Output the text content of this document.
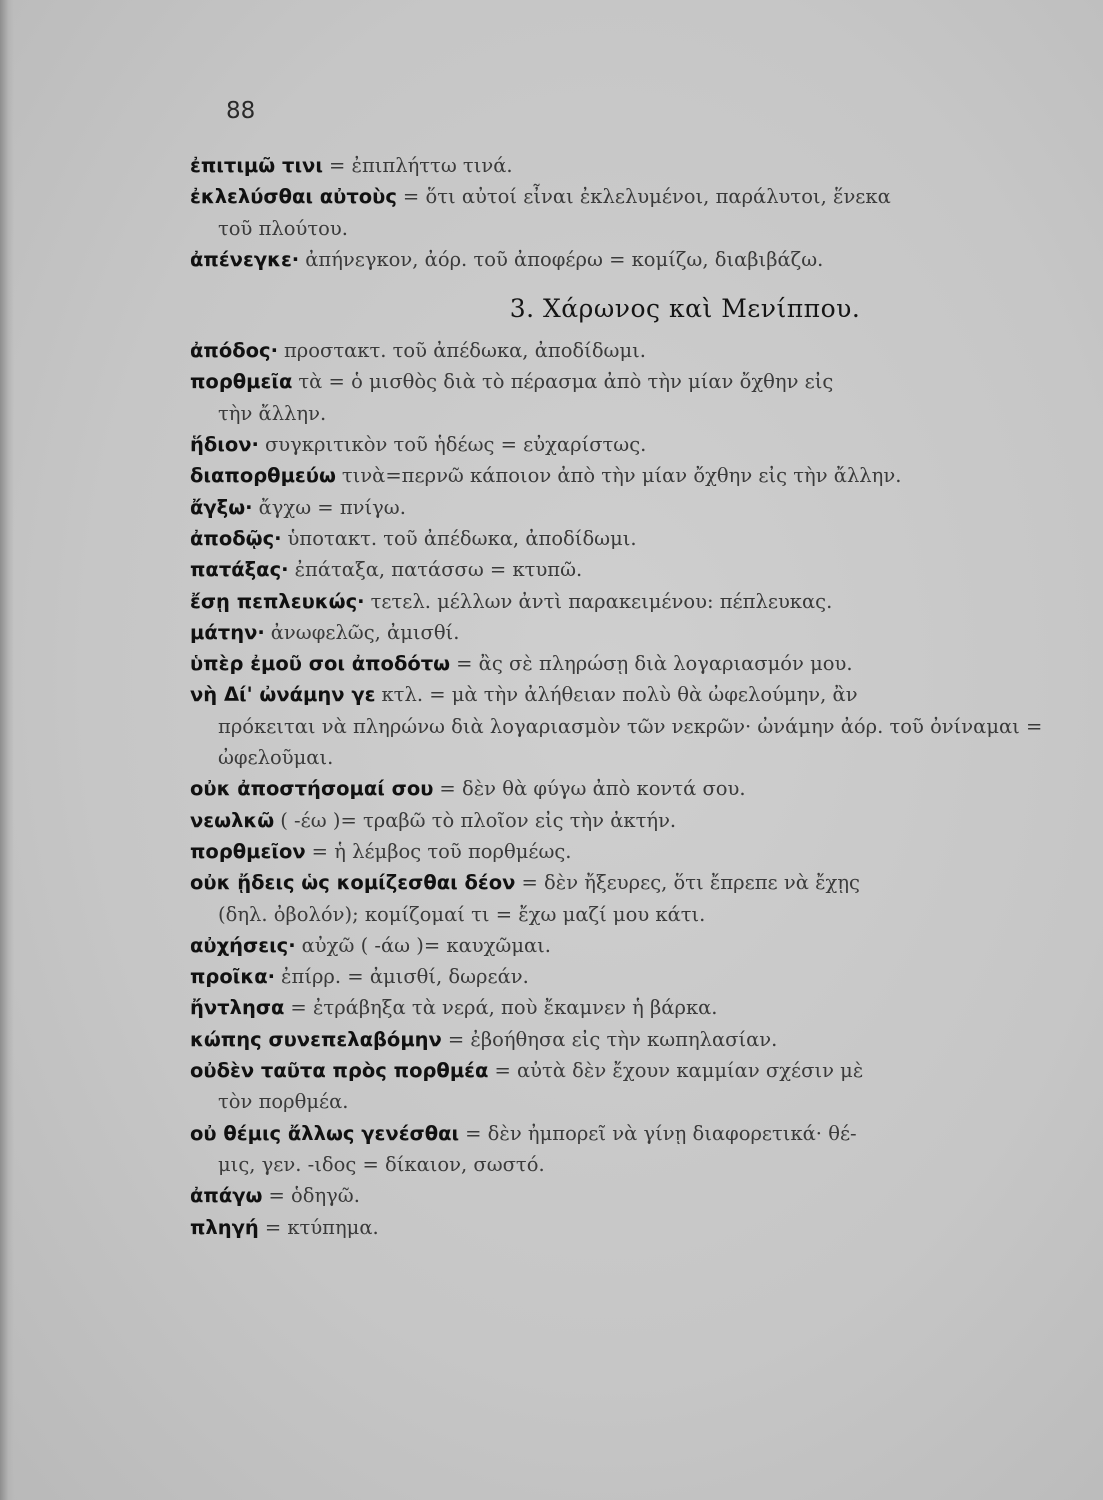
88
ἐπιτιμῶ τινι = ἐπιπλήττω τινά.
ἐκλελύσθαι αὐτοὺς = ὅτι αὐτοί εἶναι ἐκλελυμένοι, παράλυτοι, ἕνεκα
τοῦ πλούτου.
ἀπένεγκε· ἀπήνεγκον, ἀόρ. τοῦ ἀποφέρω = κομίζω, διαβιβάζω.
3. Χάρωνος καὶ Μενίππου.
ἀπόδος· προστακτ. τοῦ ἀπέδωκα, ἀποδίδωμι.
πορθμεῖα τὰ = ὁ μισθὸς διὰ τὸ πέρασμα ἀπὸ τὴν μίαν ὄχθην εἰς
τὴν ἄλλην.
ἥδιον· συγκριτικὸν τοῦ ἡδέως = εὐχαρίστως.
διαπορθμεύω τινὰ=περνῶ κάποιον ἀπὸ τὴν μίαν ὄχθην εἰς τὴν ἄλλην.
ἄγξω· ἄγχω = πνίγω.
ἀποδῷς· ὑποτακτ. τοῦ ἀπέδωκα, ἀποδίδωμι.
πατάξας· ἐπάταξα, πατάσσω = κτυπῶ.
ἔσῃ πεπλευκώς· τετελ. μέλλων ἀντὶ παρακειμένου: πέπλευκας.
μάτην· ἀνωφελῶς, ἀμισθί.
ὑπὲρ ἐμοῦ σοι ἀποδότω = ἂς σὲ πληρώσῃ διὰ λογαριασμόν μου.
νὴ Δί' ὠνάμην γε κτλ. = μὰ τὴν ἀλήθειαν πολὺ θὰ ὠφελούμην, ἂν
πρόκειται νὰ πληρώνω διὰ λογαριασμὸν τῶν νεκρῶν· ὠνάμην ἀόρ. τοῦ ὀνίναμαι = ὠφελοῦμαι.
οὐκ ἀποστήσομαί σου = δὲν θὰ φύγω ἀπὸ κοντά σου.
νεωλκῶ ( -έω )= τραβῶ τὸ πλοῖον εἰς τὴν ἀκτήν.
πορθμεῖον = ἡ λέμβος τοῦ πορθμέως.
οὐκ ᾔδεις ὡς κομίζεσθαι δέον = δὲν ἤξευρες, ὅτι ἔπρεπε νὰ ἔχῃς
(δηλ. ὀβολόν); κομίζομαί τι = ἔχω μαζί μου κάτι.
αὐχήσεις· αὐχῶ ( -άω )= καυχῶμαι.
προῖκα· ἐπίρρ. = ἀμισθί, δωρεάν.
ἤντλησα = ἐτράβηξα τὰ νερά, ποὺ ἔκαμνεν ἡ βάρκα.
κώπης συνεπελαβόμην = ἐβοήθησα εἰς τὴν κωπηλασίαν.
οὐδὲν ταῦτα πρὸς πορθμέα = αὐτὰ δὲν ἔχουν καμμίαν σχέσιν μὲ
τὸν πορθμέα.
οὐ θέμις ἄλλως γενέσθαι = δὲν ἠμπορεῖ νὰ γίνῃ διαφορετικά· θέ-
μις, γεν. -ιδος = δίκαιον, σωστό.
ἀπάγω = ὁδηγῶ.
πληγή = κτύπημα.
